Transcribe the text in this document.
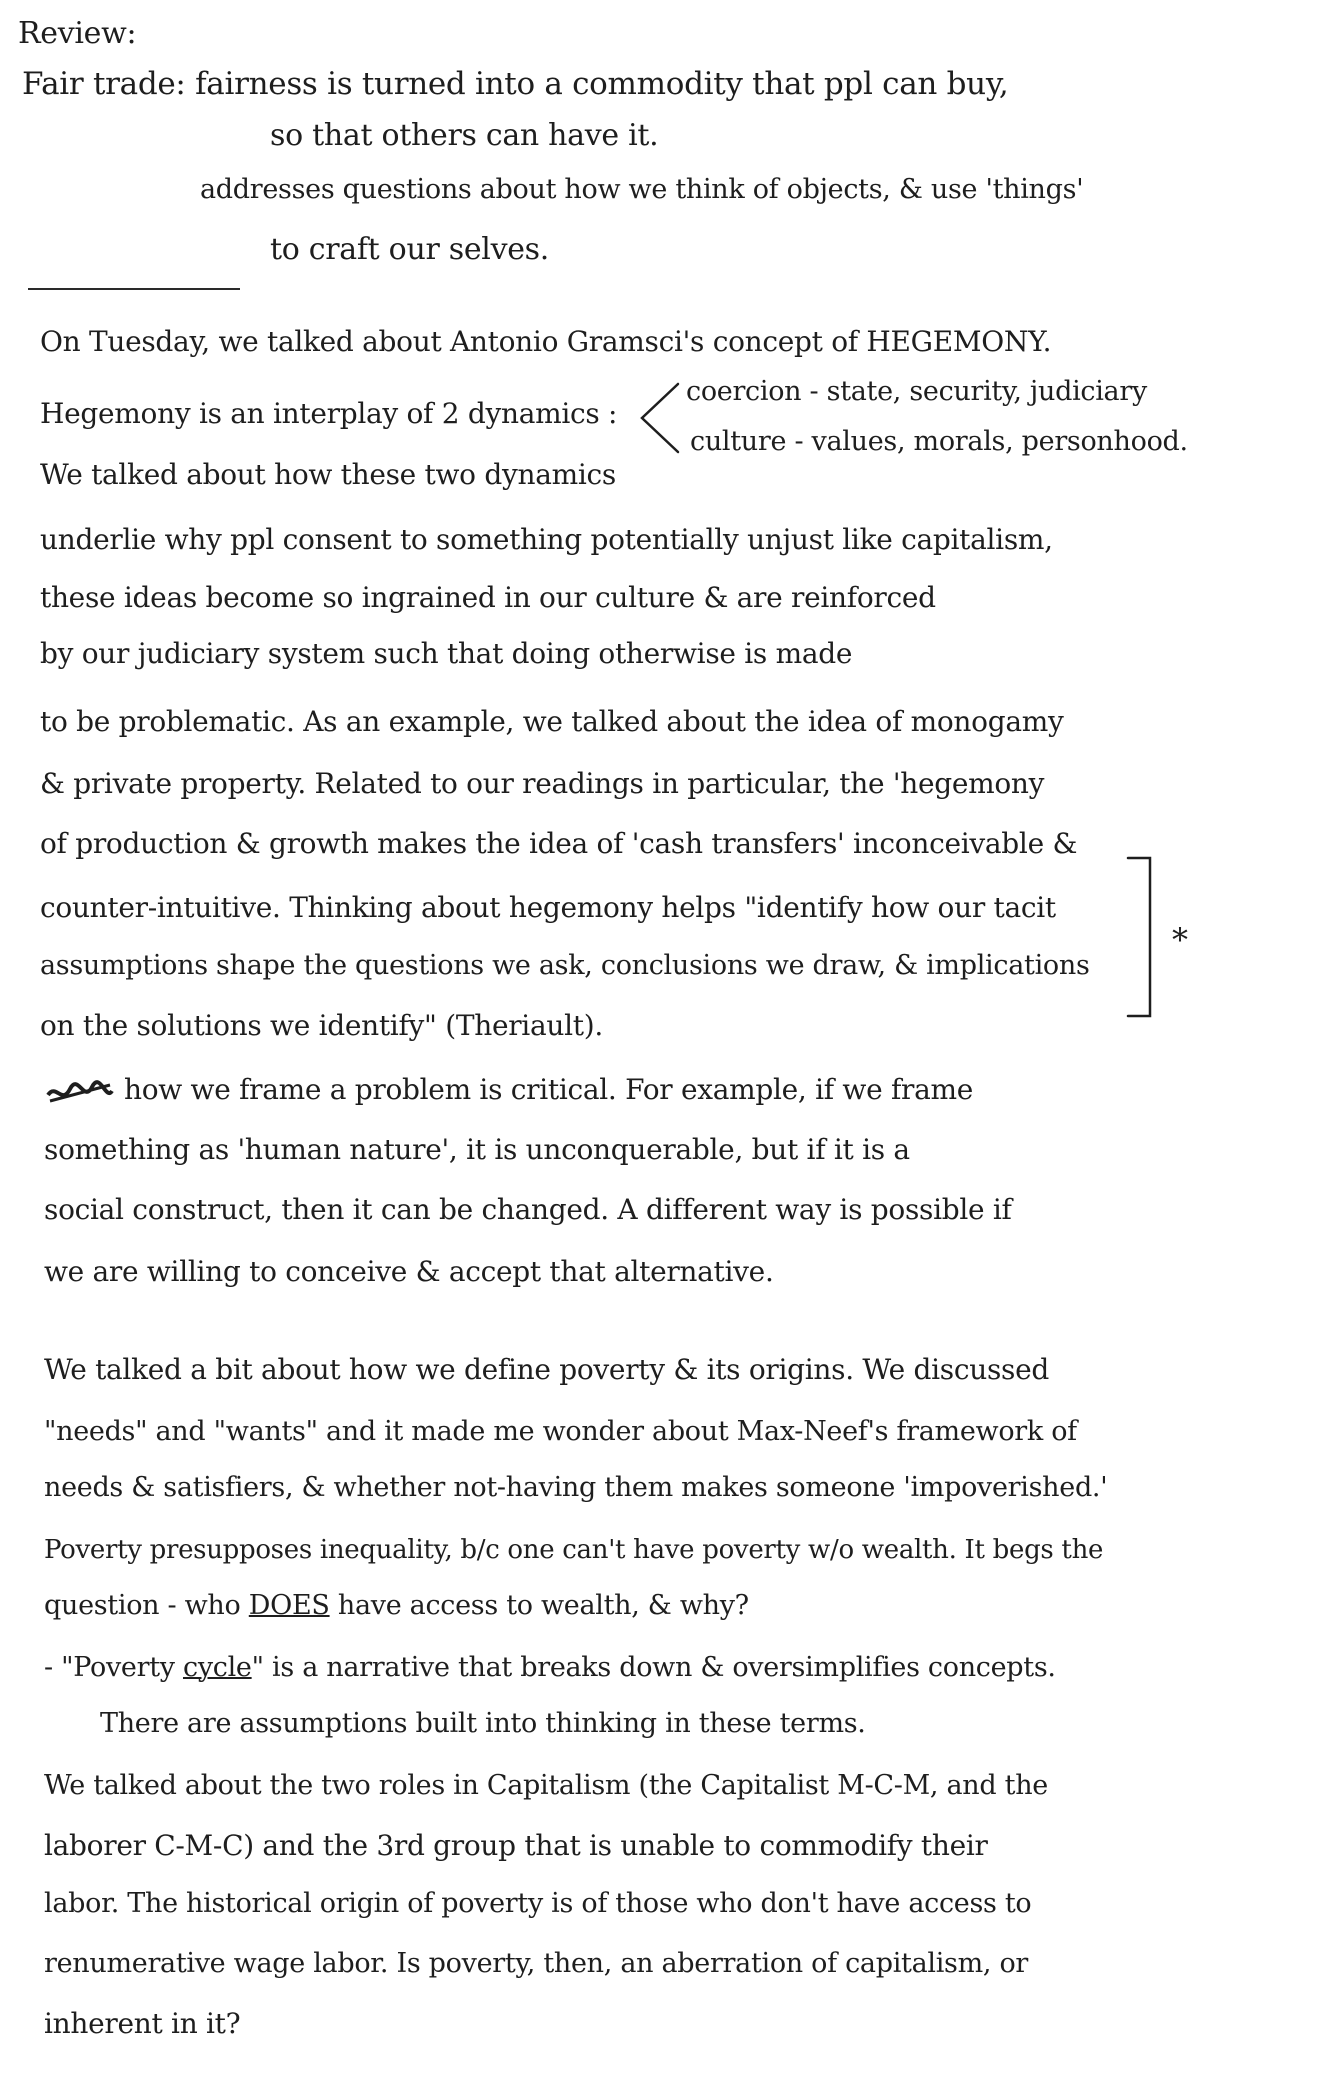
Review:
Fair trade: fairness is turned into a commodity that ppl can buy,
so that others can have it.
addresses questions about how we think of objects, & use 'things'
to craft our selves.
On Tuesday, we talked about Antonio Gramsci's concept of HEGEMONY.
Hegemony is an interplay of 2 dynamics :
coercion - state, security, judiciary
culture - values, morals, personhood.
We talked about how these two dynamics
underlie why ppl consent to something potentially unjust like capitalism,
these ideas become so ingrained in our culture & are reinforced
by our judiciary system such that doing otherwise is made
to be problematic. As an example, we talked about the idea of monogamy
& private property. Related to our readings in particular, the 'hegemony
of production & growth makes the idea of 'cash transfers' inconceivable &
counter-intuitive. Thinking about hegemony helps "identify how our tacit
assumptions shape the questions we ask, conclusions we draw, & implications
on the solutions we identify" (Theriault).
*
how we frame a problem is critical. For example, if we frame
something as 'human nature', it is unconquerable, but if it is a
social construct, then it can be changed. A different way is possible if
we are willing to conceive & accept that alternative.
We talked a bit about how we define poverty & its origins. We discussed
"needs" and "wants" and it made me wonder about Max-Neef's framework of
needs & satisfiers, & whether not-having them makes someone 'impoverished.'
Poverty presupposes inequality, b/c one can't have poverty w/o wealth. It begs the
question - who DOES have access to wealth, & why?
- "Poverty cycle" is a narrative that breaks down & oversimplifies concepts.
There are assumptions built into thinking in these terms.
We talked about the two roles in Capitalism (the Capitalist M-C-M, and the
laborer C-M-C) and the 3rd group that is unable to commodify their
labor. The historical origin of poverty is of those who don't have access to
renumerative wage labor. Is poverty, then, an aberration of capitalism, or
inherent in it?
